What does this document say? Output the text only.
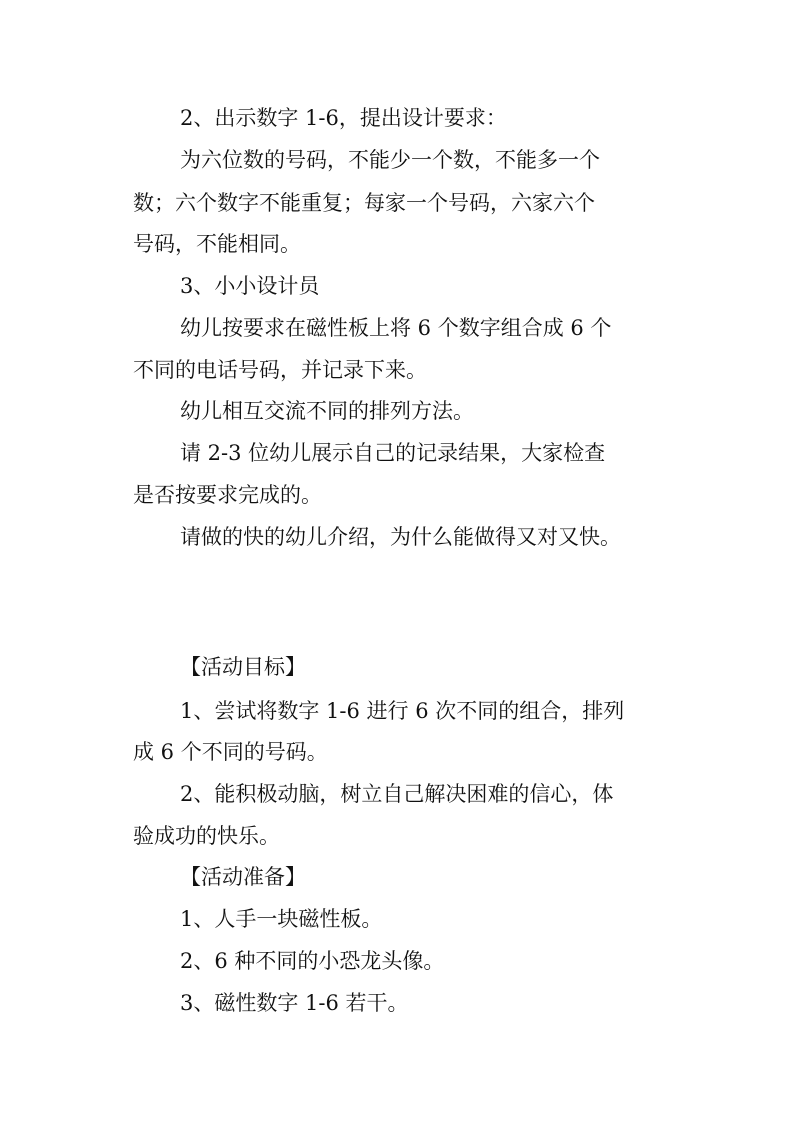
2、出示数字 1-6，提出设计要求：
为六位数的号码，不能少一个数，不能多一个
数；六个数字不能重复；每家一个号码，六家六个
号码，不能相同。
3、小小设计员
幼儿按要求在磁性板上将 6 个数字组合成 6 个
不同的电话号码，并记录下来。
幼儿相互交流不同的排列方法。
请 2-3 位幼儿展示自己的记录结果，大家检查
是否按要求完成的。
请做的快的幼儿介绍，为什么能做得又对又快。
【活动目标】
1、尝试将数字 1-6 进行 6 次不同的组合，排列
成 6 个不同的号码。
2、能积极动脑，树立自己解决困难的信心，体
验成功的快乐。
【活动准备】
1、人手一块磁性板。
2、6 种不同的小恐龙头像。
3、磁性数字 1-6 若干。
